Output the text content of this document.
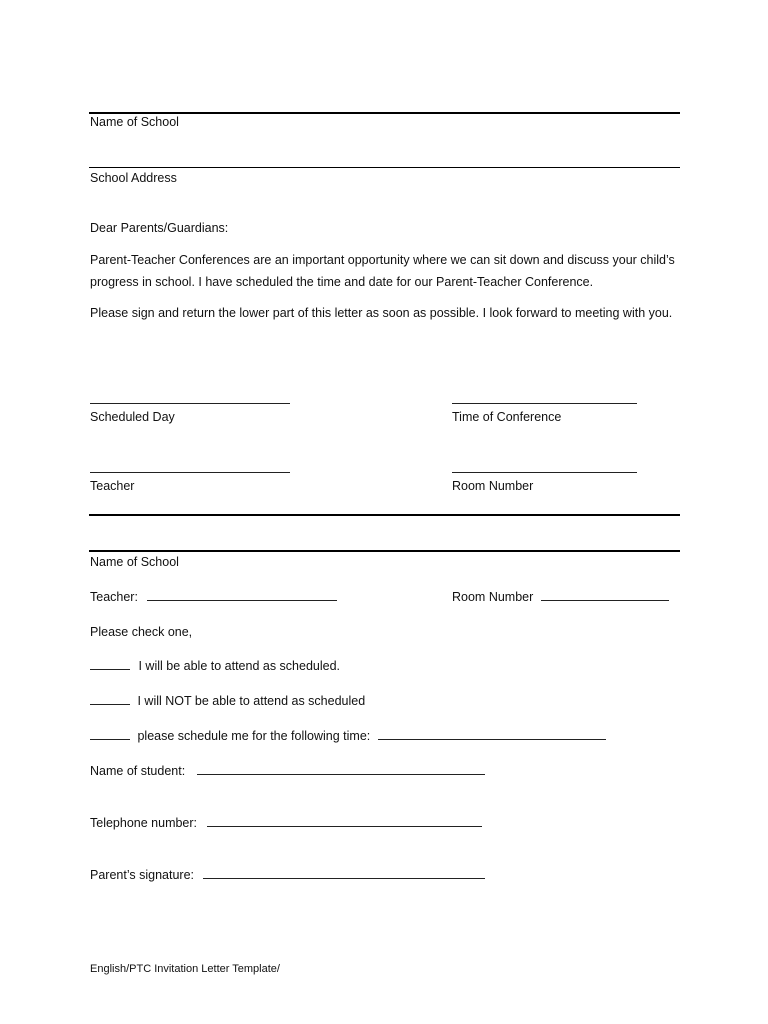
Name of School
School Address
Dear Parents/Guardians:
Parent-Teacher Conferences are an important opportunity where we can sit down and discuss your child’s progress in school. I have scheduled the time and date for our Parent-Teacher Conference.
Please sign and return the lower part of this letter as soon as possible. I look forward to meeting with you.
Scheduled Day	Time of Conference
Teacher	Room Number
Name of School
Teacher:	Room Number
Please check one,
I will be able to attend as scheduled.
I will NOT be able to attend as scheduled
please schedule me for the following time:
Name of student:
Telephone number:
Parent’s signature:
English/PTC Invitation Letter Template/
